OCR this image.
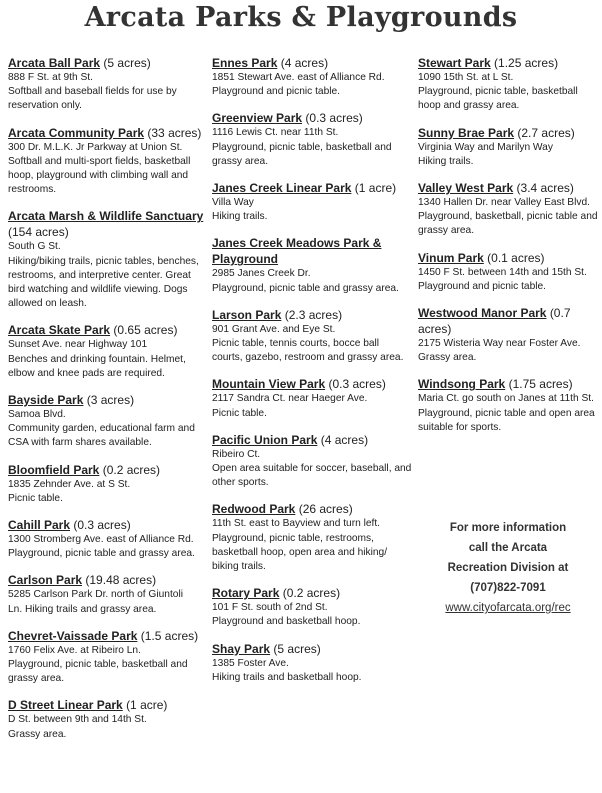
Arcata Parks & Playgrounds
Arcata Ball Park (5 acres)
888 F St. at 9th St.
Softball and baseball fields for use by reservation only.
Arcata Community Park (33 acres)
300 Dr. M.L.K. Jr Parkway at Union St.
Softball and multi-sport fields, basketball hoop, playground with climbing wall and restrooms.
Arcata Marsh & Wildlife Sanctuary (154 acres)
South G St.
Hiking/biking trails, picnic tables, benches, restrooms, and interpretive center. Great bird watching and wildlife viewing. Dogs allowed on leash.
Arcata Skate Park (0.65 acres)
Sunset Ave. near Highway 101
Benches and drinking fountain. Helmet, elbow and knee pads are required.
Bayside Park (3 acres)
Samoa Blvd.
Community garden, educational farm and CSA with farm shares available.
Bloomfield Park (0.2 acres)
1835 Zehnder Ave. at S St.
Picnic table.
Cahill Park (0.3 acres)
1300 Stromberg Ave. east of Alliance Rd.
Playground, picnic table and grassy area.
Carlson Park (19.48 acres)
5285 Carlson Park Dr. north of Giuntoli
Ln. Hiking trails and grassy area.
Chevret-Vaissade Park (1.5 acres)
1760 Felix Ave. at Ribeiro Ln.
Playground, picnic table, basketball and grassy area.
D Street Linear Park (1 acre)
D St. between 9th and 14th St.
Grassy area.
Ennes Park (4 acres)
1851 Stewart Ave. east of Alliance Rd.
Playground and picnic table.
Greenview Park (0.3 acres)
1116 Lewis Ct. near 11th St.
Playground, picnic table, basketball and grassy area.
Janes Creek Linear Park (1 acre)
Villa Way
Hiking trails.
Janes Creek Meadows Park & Playground
2985 Janes Creek Dr.
Playground, picnic table and grassy area.
Larson Park (2.3 acres)
901 Grant Ave. and Eye St.
Picnic table, tennis courts, bocce ball courts, gazebo, restroom and grassy area.
Mountain View Park (0.3 acres)
2117 Sandra Ct. near Haeger Ave.
Picnic table.
Pacific Union Park (4 acres)
Ribeiro Ct.
Open area suitable for soccer, baseball, and other sports.
Redwood Park (26 acres)
11th St. east to Bayview and turn left.
Playground, picnic table, restrooms, basketball hoop, open area and hiking/ biking trails.
Rotary Park (0.2 acres)
101 F St. south of 2nd St.
Playground and basketball hoop.
Shay Park (5 acres)
1385 Foster Ave.
Hiking trails and basketball hoop.
Stewart Park (1.25 acres)
1090 15th St. at L St.
Playground, picnic table, basketball hoop and grassy area.
Sunny Brae Park (2.7 acres)
Virginia Way and Marilyn Way
Hiking trails.
Valley West Park (3.4 acres)
1340 Hallen Dr. near Valley East Blvd.
Playground, basketball, picnic table and grassy area.
Vinum Park (0.1 acres)
1450 F St. between 14th and 15th St.
Playground and picnic table.
Westwood Manor Park (0.7 acres)
2175 Wisteria Way near Foster Ave.
Grassy area.
Windsong Park (1.75 acres)
Maria Ct. go south on Janes at 11th St.
Playground, picnic table and open area suitable for sports.
For more information
call the Arcata
Recreation Division at
(707)822-7091
www.cityofarcata.org/rec
